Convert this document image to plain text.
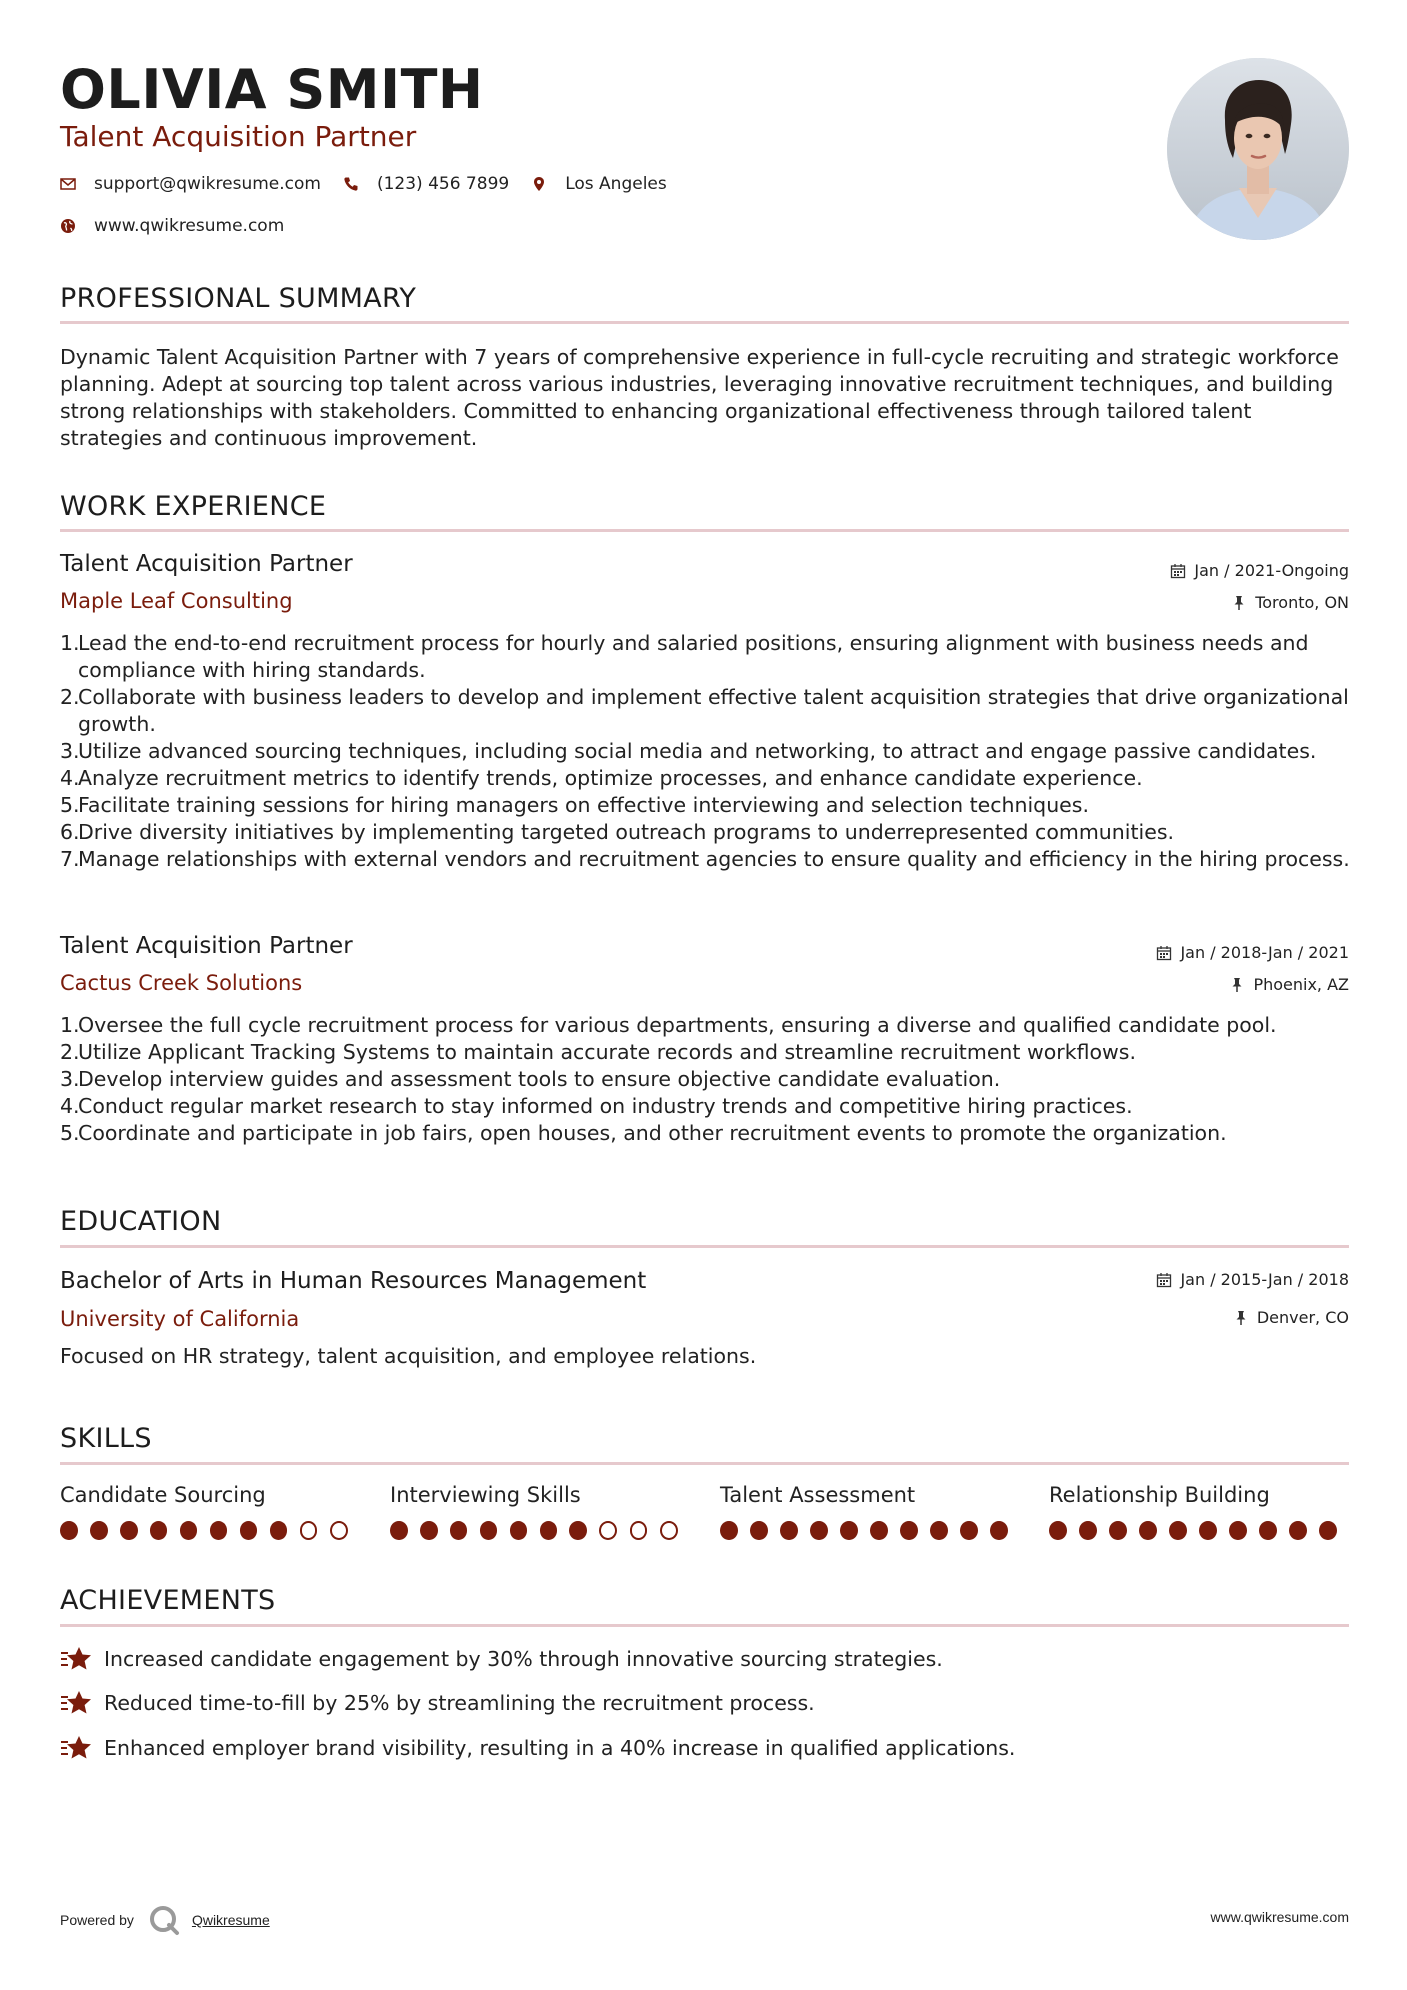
OLIVIA SMITH
Talent Acquisition Partner
support@qwikresume.com	(123) 456 7899	Los Angeles
www.qwikresume.com
PROFESSIONAL SUMMARY
Dynamic Talent Acquisition Partner with 7 years of comprehensive experience in full-cycle recruiting and strategic workforce planning. Adept at sourcing top talent across various industries, leveraging innovative recruitment techniques, and building strong relationships with stakeholders. Committed to enhancing organizational effectiveness through tailored talent strategies and continuous improvement.
WORK EXPERIENCE
Talent Acquisition Partner
Maple Leaf Consulting
Jan / 2021-Ongoing
Toronto, ON
1.
Lead the end-to-end recruitment process for hourly and salaried positions, ensuring alignment with business needs and compliance with hiring standards.
2.
Collaborate with business leaders to develop and implement effective talent acquisition strategies that drive organizational growth.
3.
Utilize advanced sourcing techniques, including social media and networking, to attract and engage passive candidates.
4.
Analyze recruitment metrics to identify trends, optimize processes, and enhance candidate experience.
5.
Facilitate training sessions for hiring managers on effective interviewing and selection techniques.
6.
Drive diversity initiatives by implementing targeted outreach programs to underrepresented communities.
7.
Manage relationships with external vendors and recruitment agencies to ensure quality and efficiency in the hiring process.
Talent Acquisition Partner
Cactus Creek Solutions
Jan / 2018-Jan / 2021
Phoenix, AZ
1.
Oversee the full cycle recruitment process for various departments, ensuring a diverse and qualified candidate pool.
2.
Utilize Applicant Tracking Systems to maintain accurate records and streamline recruitment workflows.
3.
Develop interview guides and assessment tools to ensure objective candidate evaluation.
4.
Conduct regular market research to stay informed on industry trends and competitive hiring practices.
5.
Coordinate and participate in job fairs, open houses, and other recruitment events to promote the organization.
EDUCATION
Bachelor of Arts in Human Resources Management
University of California
Jan / 2015-Jan / 2018
Denver, CO
Focused on HR strategy, talent acquisition, and employee relations.
SKILLS
Candidate Sourcing	Interviewing Skills	Talent Assessment	Relationship Building
ACHIEVEMENTS
Increased candidate engagement by 30% through innovative sourcing strategies.
Reduced time-to-fill by 25% by streamlining the recruitment process.
Enhanced employer brand visibility, resulting in a 40% increase in qualified applications.
Powered by	Qwikresume	www.qwikresume.com
